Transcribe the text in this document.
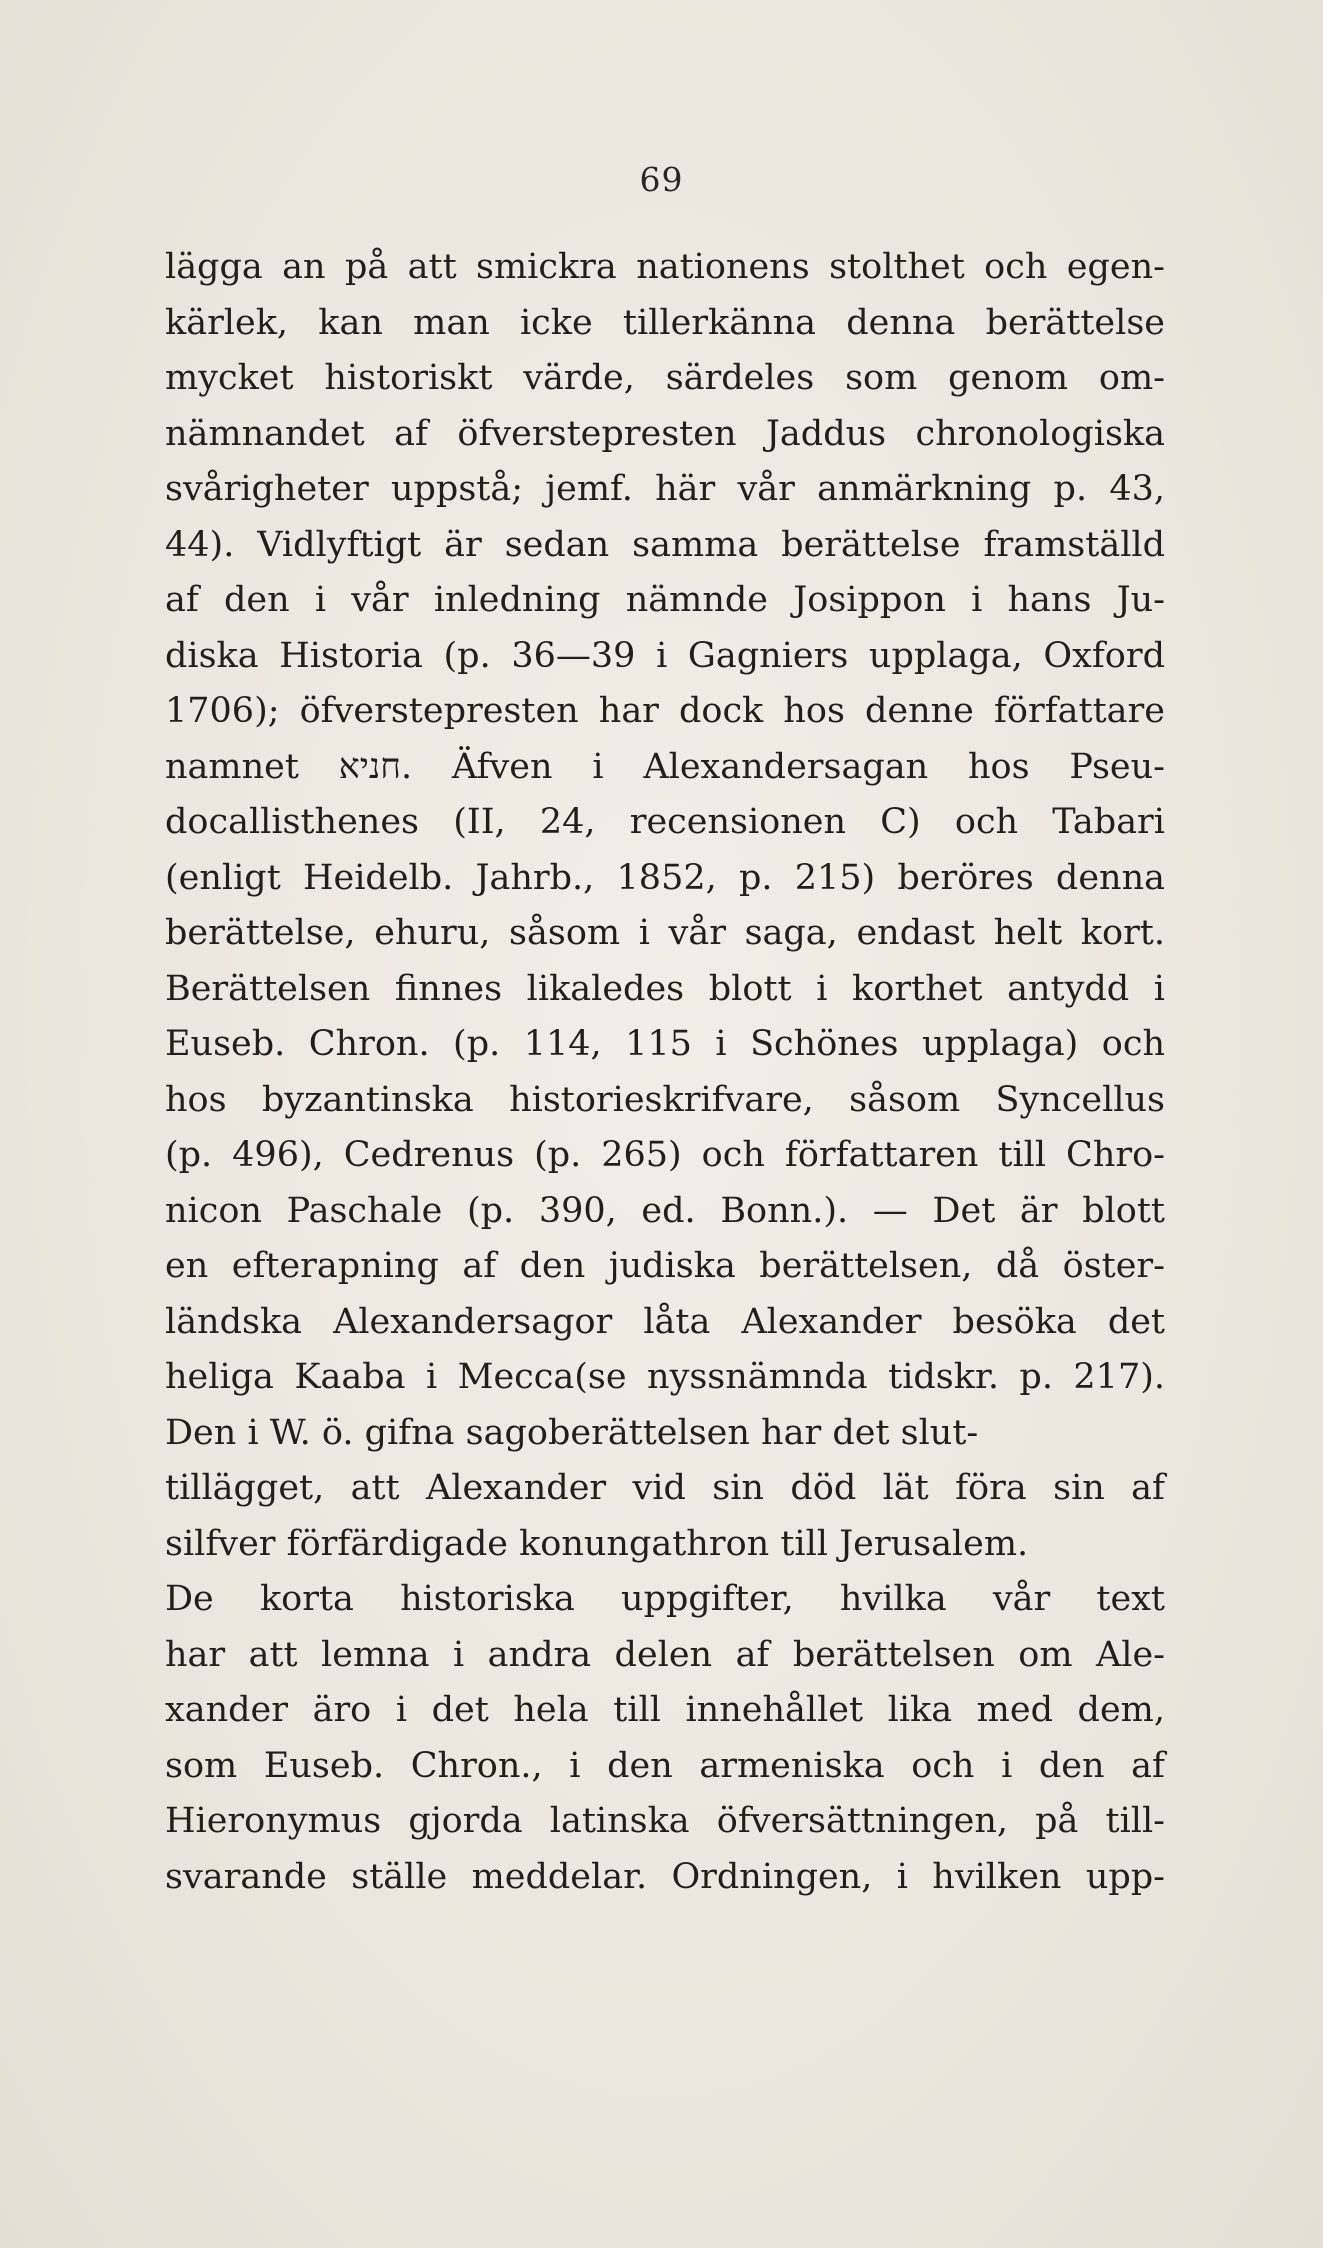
69
lägga an på att smickra nationens stolthet och egen-
kärlek, kan man icke tillerkänna denna berättelse
mycket historiskt värde, särdeles som genom om-
nämnandet af öfverstepresten Jaddus chronologiska
svårigheter uppstå; jemf. här vår anmärkning p. 43,
44). Vidlyftigt är sedan samma berättelse framställd
af den i vår inledning nämnde Josippon i hans Ju-
diska Historia (p. 36—39 i Gagniers upplaga, Oxford
1706); öfverstepresten har dock hos denne författare
namnet חניא. Äfven i Alexandersagan hos Pseu-
docallisthenes (II, 24, recensionen C) och Tabari
(enligt Heidelb. Jahrb., 1852, p. 215) beröres denna
berättelse, ehuru, såsom i vår saga, endast helt kort.
Berättelsen finnes likaledes blott i korthet antydd i
Euseb. Chron. (p. 114, 115 i Schönes upplaga) och
hos byzantinska historieskrifvare, såsom Syncellus
(p. 496), Cedrenus (p. 265) och författaren till Chro-
nicon Paschale (p. 390, ed. Bonn.). — Det är blott
en efterapning af den judiska berättelsen, då öster-
ländska Alexandersagor låta Alexander besöka det
heliga Kaaba i Mecca(se nyssnämnda tidskr. p. 217).
Den i W. ö. gifna sagoberättelsen har det slut-
tillägget, att Alexander vid sin död lät föra sin af
silfver förfärdigade konungathron till Jerusalem.
De korta historiska uppgifter, hvilka vår text
har att lemna i andra delen af berättelsen om Ale-
xander äro i det hela till innehållet lika med dem,
som Euseb. Chron., i den armeniska och i den af
Hieronymus gjorda latinska öfversättningen, på till-
svarande ställe meddelar. Ordningen, i hvilken upp-
